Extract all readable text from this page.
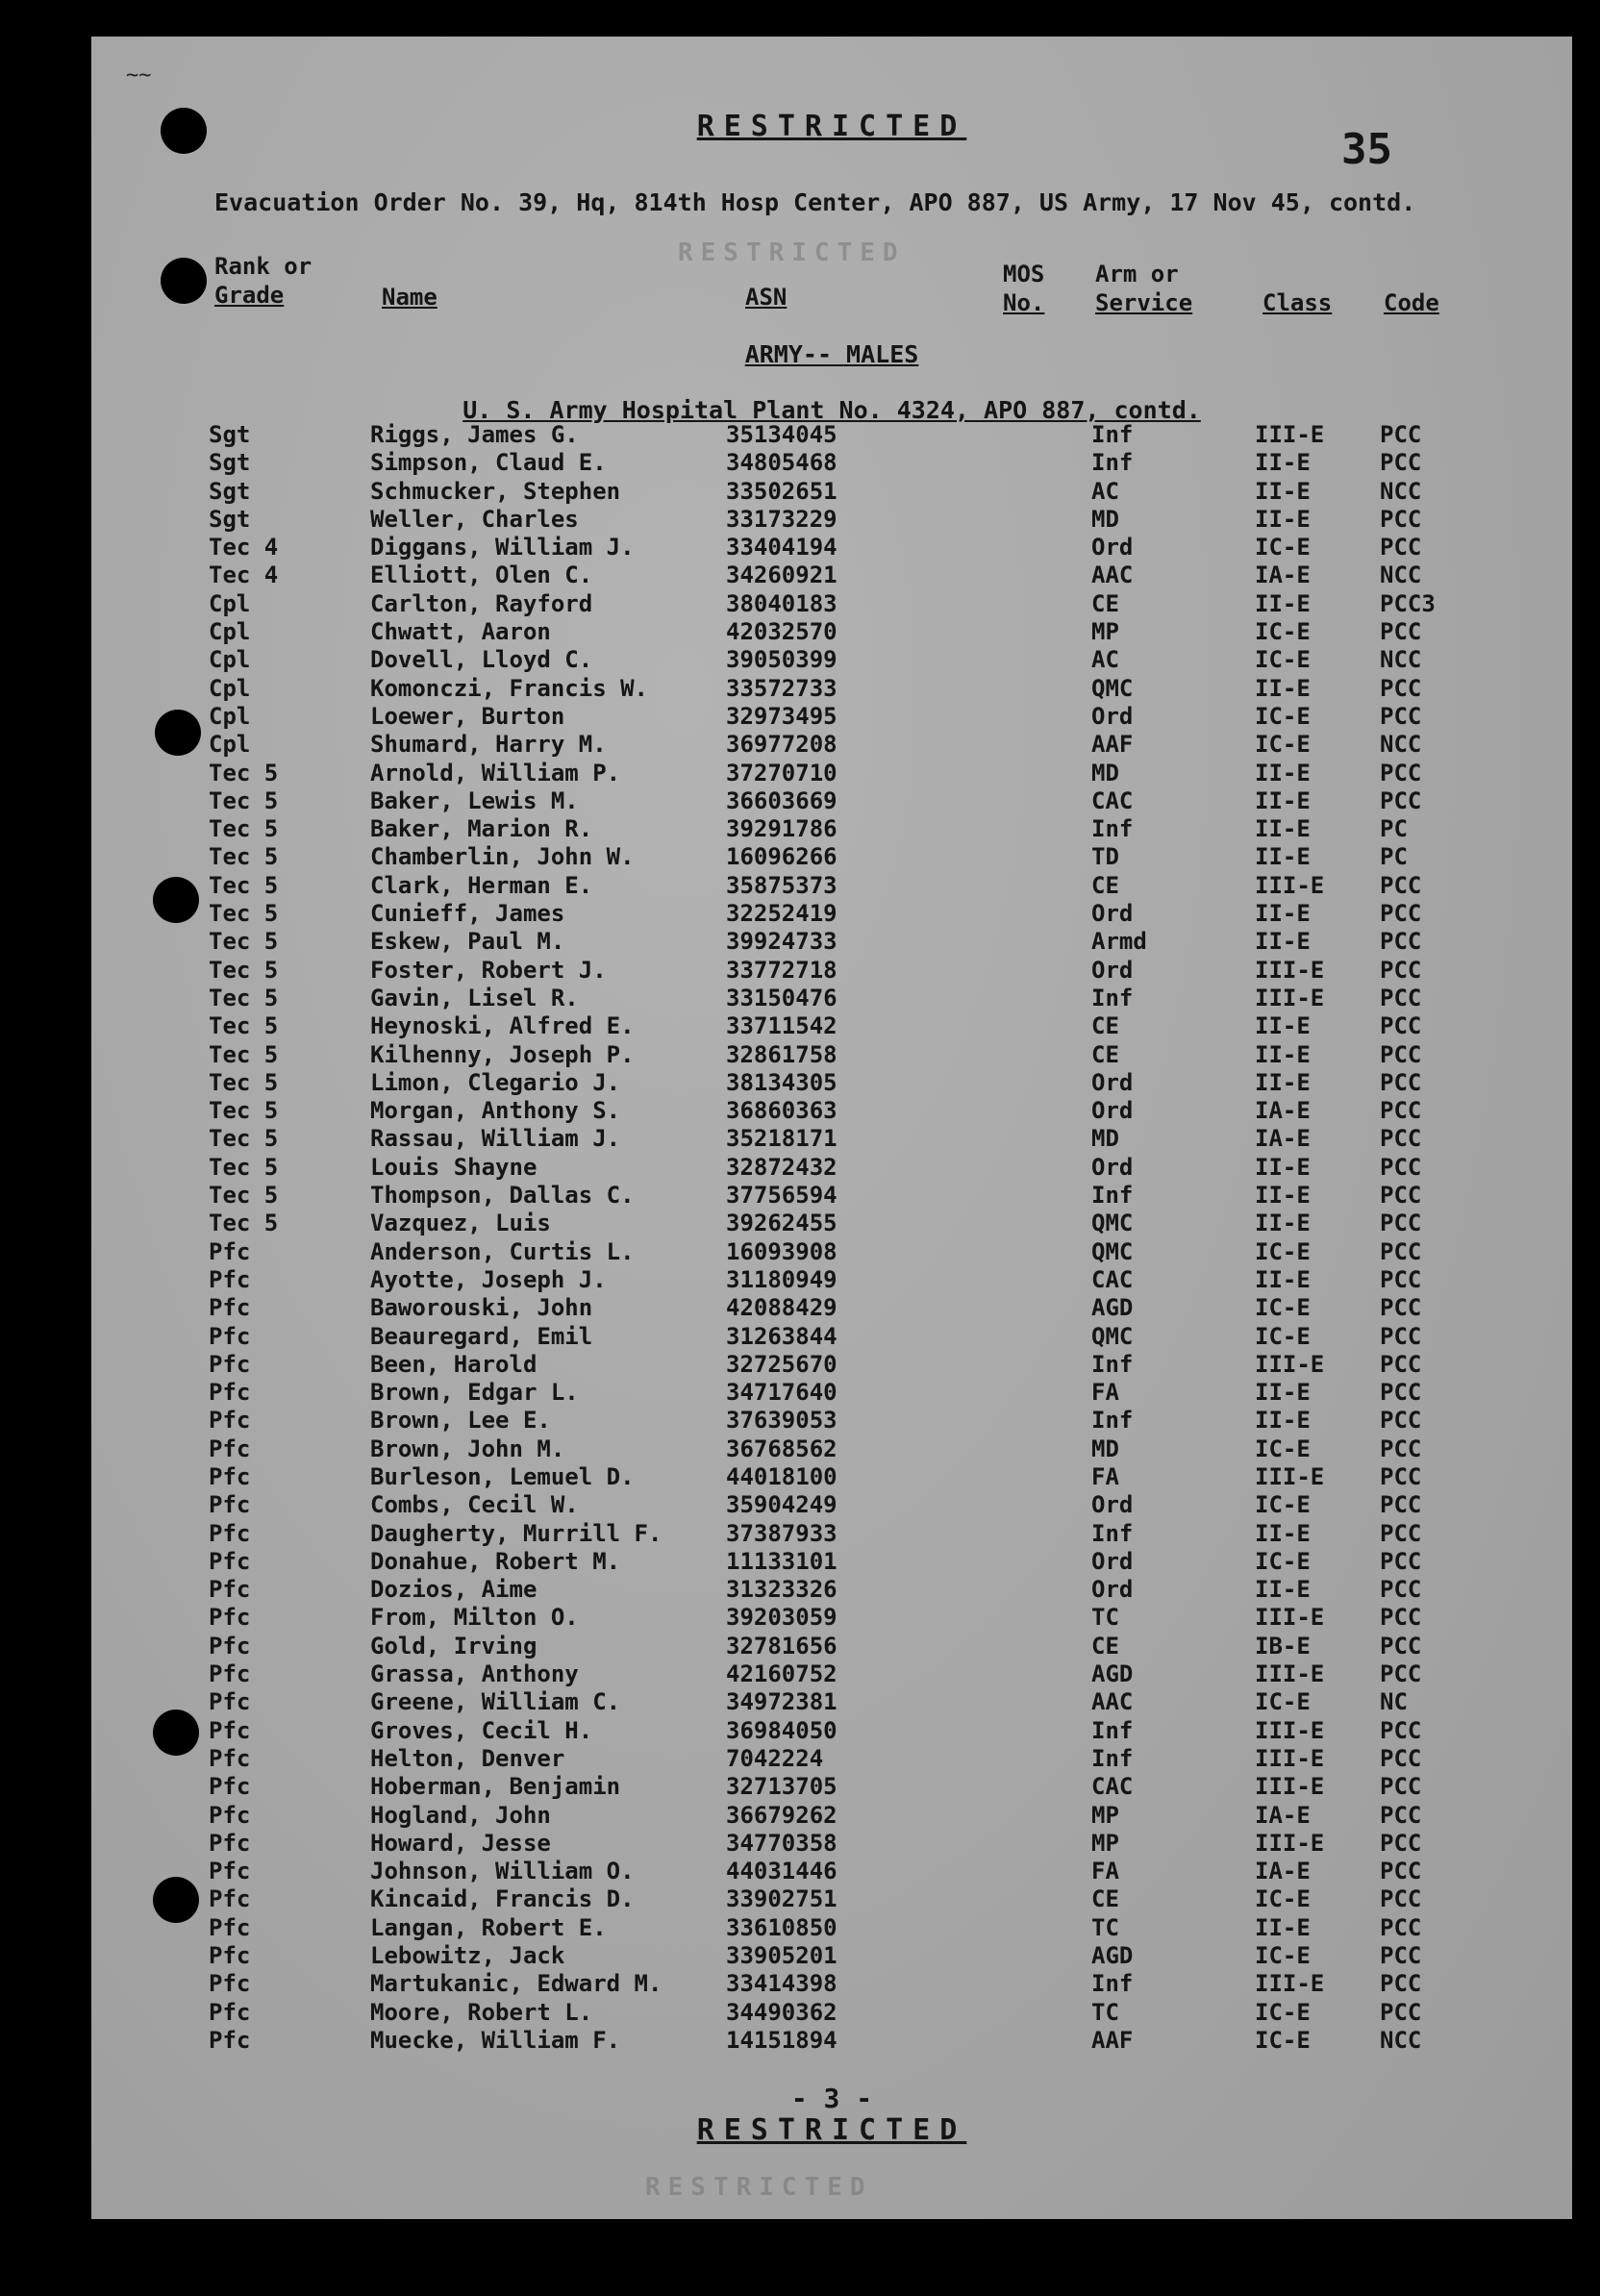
~~
RESTRICTED	35
Evacuation Order No. 39, Hq, 814th Hosp Center, APO 887, US Army, 17 Nov 45, contd.
RESTRICTED
Rank or
Grade	Name	ASN
MOS
No.
Arm or
Service	Class Code
ARMY-- MALES
U. S. Army Hospital Plant No. 4324, APO 887, contd.
Sgt	Riggs, James G.	35134045	Inf	III-E PCC
Sgt	Simpson, Claud E.	34805468	Inf	II-E	PCC
Sgt	Schmucker, Stephen	33502651	AC	II-E	NCC
Sgt	Weller, Charles	33173229	MD	II-E	PCC
Tec 4	Diggans, William J.	33404194	Ord	IC-E	PCC
Tec 4	Elliott, Olen C.	34260921	AAC	IA-E	NCC
Cpl	Carlton, Rayford	38040183	CE	II-E	PCC3
Cpl	Chwatt, Aaron	42032570	MP	IC-E	PCC
Cpl	Dovell, Lloyd C.	39050399	AC	IC-E	NCC
Cpl	Komonczi, Francis W.	33572733	QMC	II-E	PCC
Cpl	Loewer, Burton	32973495	Ord	IC-E	PCC
Cpl	Shumard, Harry M.	36977208	AAF	IC-E	NCC
Tec 5	Arnold, William P.	37270710	MD	II-E	PCC
Tec 5	Baker, Lewis M.	36603669	CAC	II-E	PCC
Tec 5	Baker, Marion R.	39291786	Inf	II-E	PC
Tec 5	Chamberlin, John W.	16096266	TD	II-E	PC
Tec 5	Clark, Herman E.	35875373	CE	III-E PCC
Tec 5	Cunieff, James	32252419	Ord	II-E	PCC
Tec 5	Eskew, Paul M.	39924733	Armd	II-E	PCC
Tec 5	Foster, Robert J.	33772718	Ord	III-E PCC
Tec 5	Gavin, Lisel R.	33150476	Inf	III-E PCC
Tec 5	Heynoski, Alfred E.	33711542	CE	II-E	PCC
Tec 5	Kilhenny, Joseph P.	32861758	CE	II-E	PCC
Tec 5	Limon, Clegario J.	38134305	Ord	II-E	PCC
Tec 5	Morgan, Anthony S.	36860363	Ord	IA-E	PCC
Tec 5	Rassau, William J.	35218171	MD	IA-E	PCC
Tec 5	Louis Shayne	32872432	Ord	II-E	PCC
Tec 5	Thompson, Dallas C.	37756594	Inf	II-E	PCC
Tec 5	Vazquez, Luis	39262455	QMC	II-E	PCC
Pfc	Anderson, Curtis L.	16093908	QMC	IC-E	PCC
Pfc	Ayotte, Joseph J.	31180949	CAC	II-E	PCC
Pfc	Baworouski, John	42088429	AGD	IC-E	PCC
Pfc	Beauregard, Emil	31263844	QMC	IC-E	PCC
Pfc	Been, Harold	32725670	Inf	III-E PCC
Pfc	Brown, Edgar L.	34717640	FA	II-E	PCC
Pfc	Brown, Lee E.	37639053	Inf	II-E	PCC
Pfc	Brown, John M.	36768562	MD	IC-E	PCC
Pfc	Burleson, Lemuel D.	44018100	FA	III-E PCC
Pfc	Combs, Cecil W.	35904249	Ord	IC-E	PCC
Pfc	Daugherty, Murrill F.	37387933	Inf	II-E	PCC
Pfc	Donahue, Robert M.	11133101	Ord	IC-E	PCC
Pfc	Dozios, Aime	31323326	Ord	II-E	PCC
Pfc	From, Milton O.	39203059	TC	III-E PCC
Pfc	Gold, Irving	32781656	CE	IB-E	PCC
Pfc	Grassa, Anthony	42160752	AGD	III-E PCC
Pfc	Greene, William C.	34972381	AAC	IC-E	NC
Pfc	Groves, Cecil H.	36984050	Inf	III-E PCC
Pfc	Helton, Denver	7042224	Inf	III-E PCC
Pfc	Hoberman, Benjamin	32713705	CAC	III-E PCC
Pfc	Hogland, John	36679262	MP	IA-E	PCC
Pfc	Howard, Jesse	34770358	MP	III-E PCC
Pfc	Johnson, William O.	44031446	FA	IA-E	PCC
Pfc	Kincaid, Francis D.	33902751	CE	IC-E	PCC
Pfc	Langan, Robert E.	33610850	TC	II-E	PCC
Pfc	Lebowitz, Jack	33905201	AGD	IC-E	PCC
Pfc	Martukanic, Edward M.	33414398	Inf	III-E PCC
Pfc	Moore, Robert L.	34490362	TC	IC-E	PCC
Pfc	Muecke, William F.	14151894	AAF	IC-E	NCC
- 3 -
RESTRICTED
RESTRICTED
